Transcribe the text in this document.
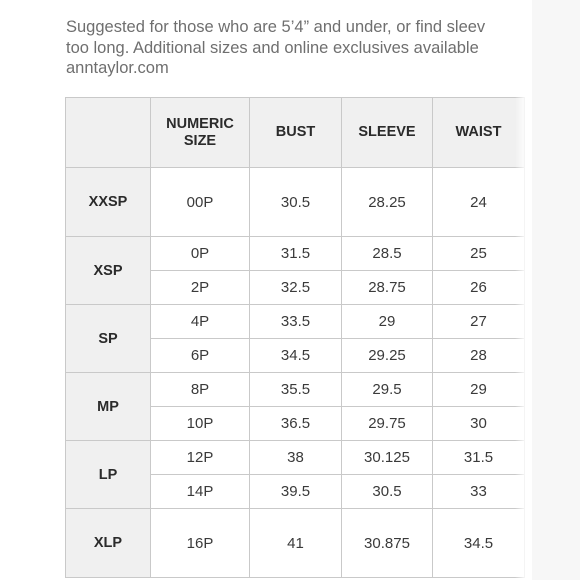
Suggested for those who are 5’4” and under, or find sleev
too long. Additional sizes and online exclusives available
anntaylor.com
	NUMERIC SIZE	BUST	SLEEVE	WAIST
XXSP	00P	30.5	28.25	24
XSP	0P	31.5	28.5	25
	2P	32.5	28.75	26
SP	4P	33.5	29	27
	6P	34.5	29.25	28
MP	8P	35.5	29.5	29
	10P	36.5	29.75	30
LP	12P	38	30.125	31.5
	14P	39.5	30.5	33
XLP	16P	41	30.875	34.5
